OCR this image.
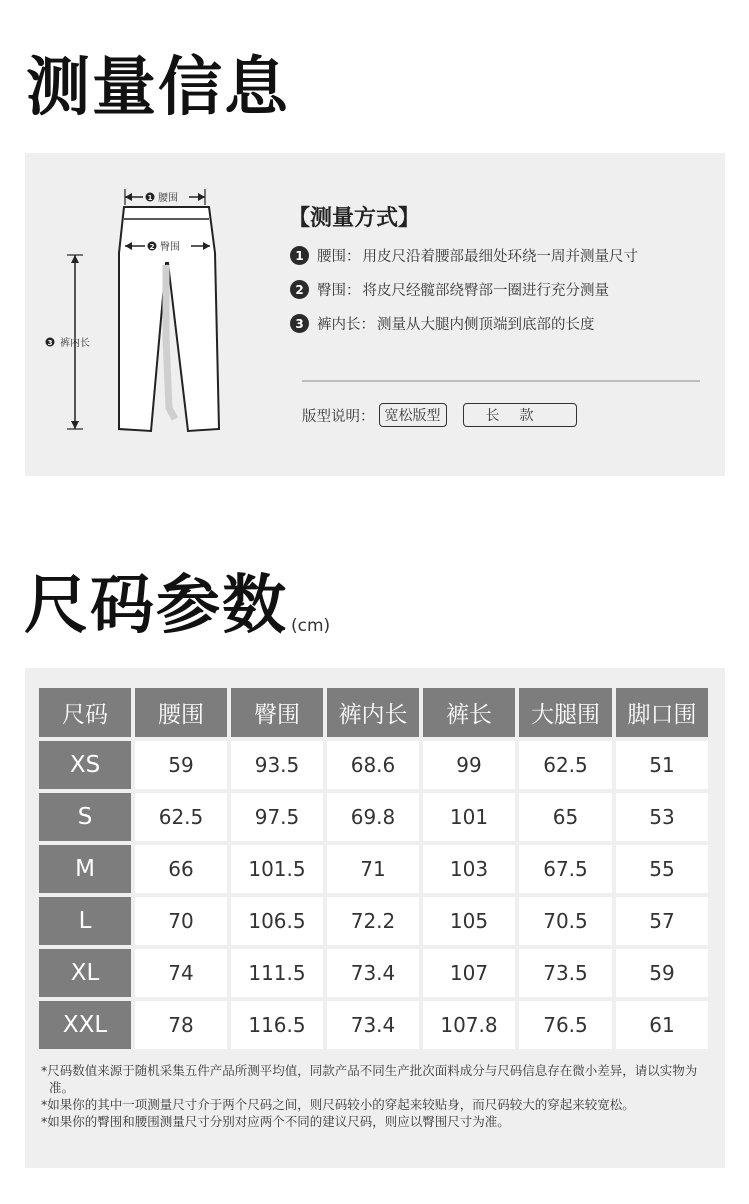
测量信息
1 腰围
2 臀围
3 裤内长
【测量方式】
1 腰围： 用皮尺沿着腰部最细处环绕一周并测量尺寸
2 臀围： 将皮尺经髋部绕臀部一圈进行充分测量
3 裤内长： 测量从大腿内侧顶端到底部的长度
版型说明： 宽松版型	长款
尺码参数 (cm)
尺码	腰围	臀围	裤内长	裤长	大腿围	脚口围
XS	59	93.5	68.6	99	62.5	51
S	62.5	97.5	69.8	101	65	53
M	66	101.5	71	103	67.5	55
L	70	106.5	72.2	105	70.5	57
XL	74	111.5	73.4	107	73.5	59
XXL	78	116.5	73.4	107.8	76.5	61

*尺码数值来源于随机采集五件产品所测平均值，同款产品不同生产批次面料成分与尺码信息存在微小差异，请以实物为准。

*如果你的其中一项测量尺寸介于两个尺码之间，则尺码较小的穿起来较贴身，而尺码较大的穿起来较宽松。

*如果你的臀围和腰围测量尺寸分别对应两个不同的建议尺码，则应以臀围尺寸为准。
